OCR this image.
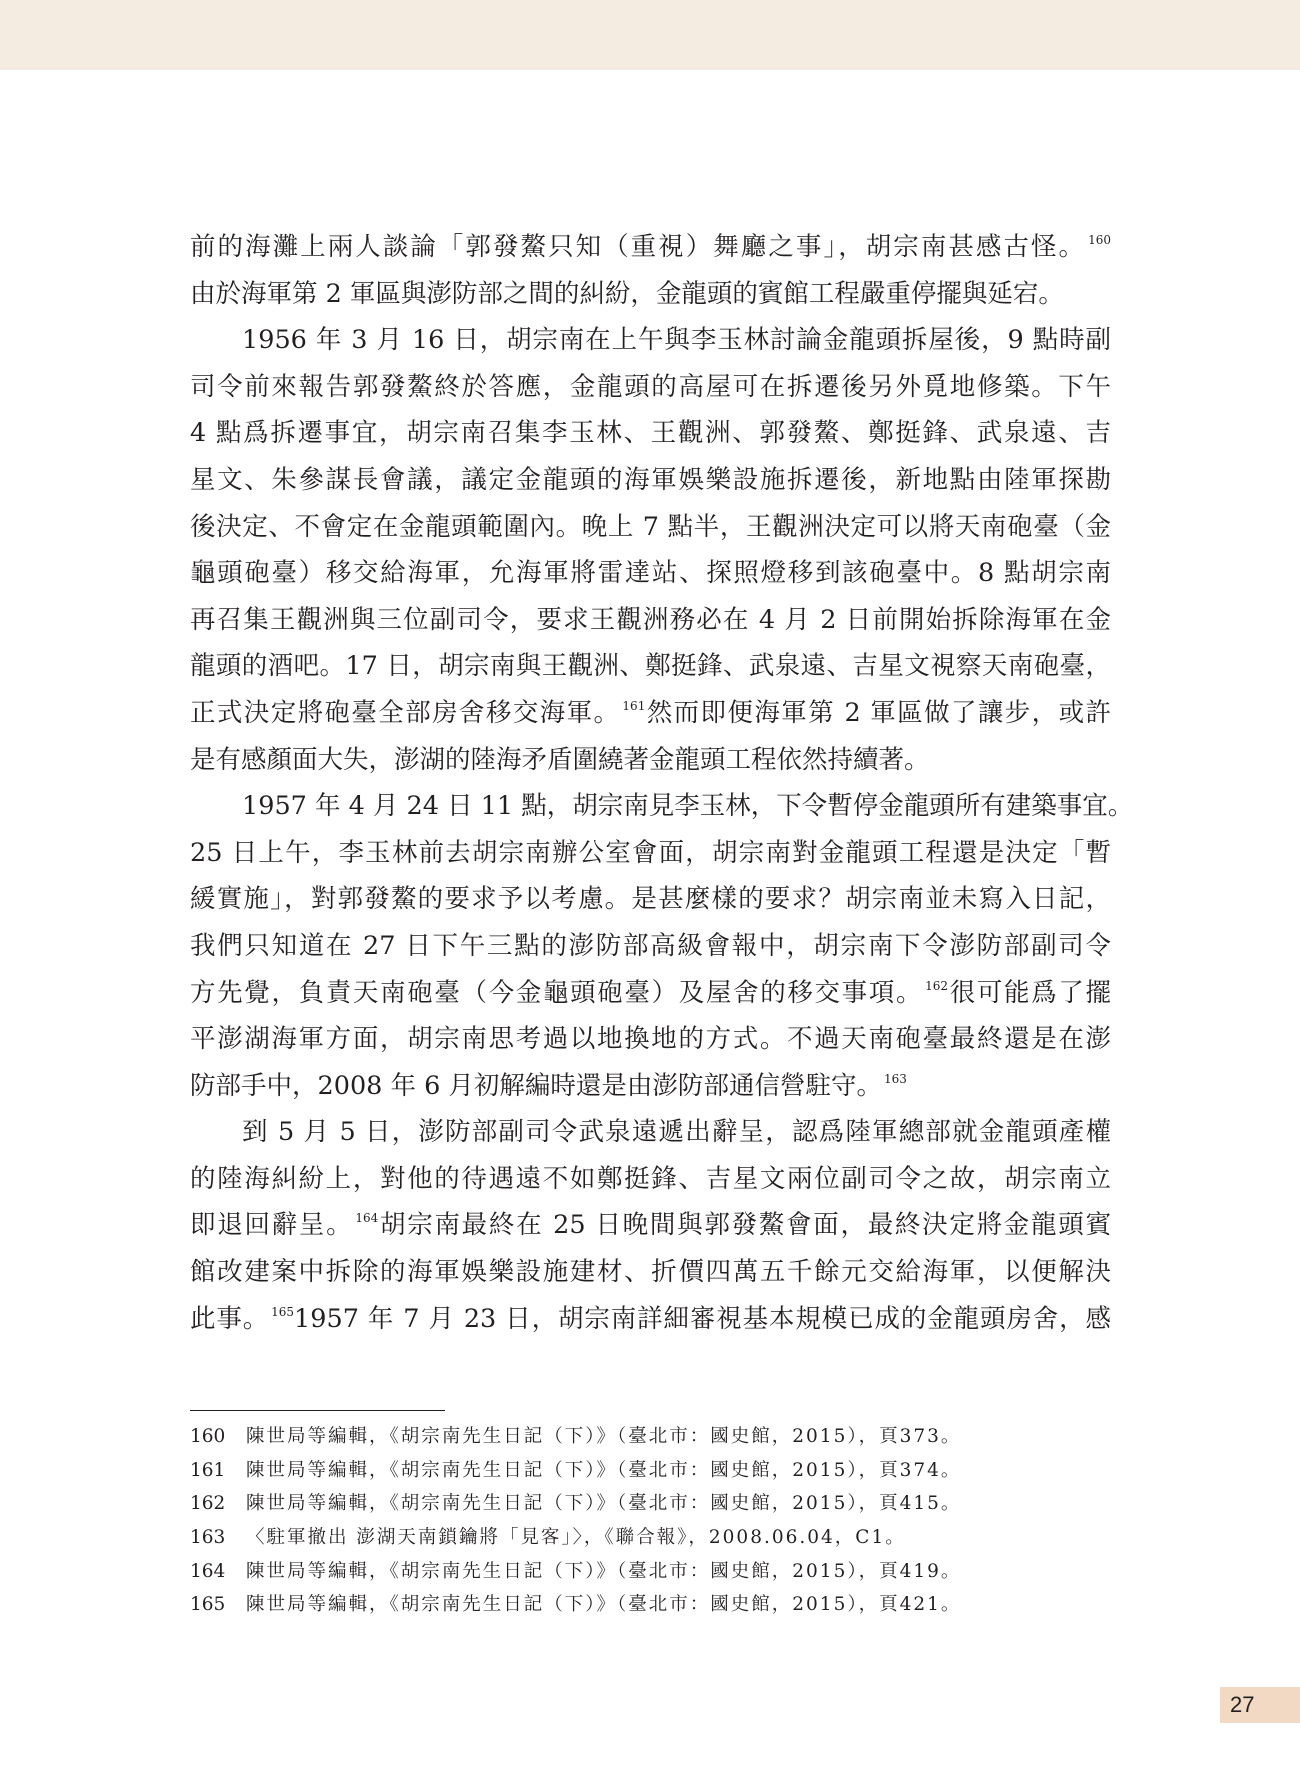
前的海灘上兩人談論「郭發鰲只知（重視）舞廳之事」，胡宗南甚感古怪。 $^{160}$
由於海軍第 2 軍區與澎防部之間的糾紛，金龍頭的賓館工程嚴重停擺與延宕。
1956 年 3 月 16 日，胡宗南在上午與李玉林討論金龍頭拆屋後，9 點時副
司令前來報告郭發鰲終於答應，金龍頭的高屋可在拆遷後另外覓地修築。下午
4 點爲拆遷事宜，胡宗南召集李玉林、王觀洲、郭發鰲、鄭挺鋒、武泉遠、吉
星文、朱參謀長會議，議定金龍頭的海軍娛樂設施拆遷後，新地點由陸軍探勘
後決定、不會定在金龍頭範圍內。晚上 7 點半，王觀洲決定可以將天南砲臺（金
龜頭砲臺）移交給海軍，允海軍將雷達站、探照燈移到該砲臺中。8 點胡宗南
再召集王觀洲與三位副司令，要求王觀洲務必在 4 月 2 日前開始拆除海軍在金
龍頭的酒吧。17 日，胡宗南與王觀洲、鄭挺鋒、武泉遠、吉星文視察天南砲臺，
正式決定將砲臺全部房舍移交海軍。 $^{161}$然而即便海軍第 2 軍區做了讓步，或許
是有感顏面大失，澎湖的陸海矛盾圍繞著金龍頭工程依然持續著。
1957 年 4 月 24 日 11 點，胡宗南見李玉林，下令暫停金龍頭所有建築事宜。
25 日上午，李玉林前去胡宗南辦公室會面，胡宗南對金龍頭工程還是決定「暫
緩實施」，對郭發鰲的要求予以考慮。是甚麼樣的要求？胡宗南並未寫入日記，
我們只知道在 27 日下午三點的澎防部高級會報中，胡宗南下令澎防部副司令
方先覺，負責天南砲臺（今金龜頭砲臺）及屋舍的移交事項。 $^{162}$很可能爲了擺
平澎湖海軍方面，胡宗南思考過以地換地的方式。不過天南砲臺最終還是在澎
防部手中，2008 年 6 月初解編時還是由澎防部通信營駐守。 $^{163}$
到 5 月 5 日，澎防部副司令武泉遠遞出辭呈，認爲陸軍總部就金龍頭產權
的陸海糾紛上，對他的待遇遠不如鄭挺鋒、吉星文兩位副司令之故，胡宗南立
即退回辭呈。 $^{164}$胡宗南最終在 25 日晚間與郭發鰲會面，最終決定將金龍頭賓
館改建案中拆除的海軍娛樂設施建材、折價四萬五千餘元交給海軍，以便解決
此事。 $^{165}$1957 年 7 月 23 日，胡宗南詳細審視基本規模已成的金龍頭房舍，感
160 陳世局等編輯，《胡宗南先生日記（下）》（臺北市：國史館，2015），頁373。
161 陳世局等編輯，《胡宗南先生日記（下）》（臺北市：國史館，2015），頁374。
162 陳世局等編輯，《胡宗南先生日記（下）》（臺北市：國史館，2015），頁415。
163 〈駐軍撤出 澎湖天南鎖鑰將「見客」〉，《聯合報》，2008.06.04，C1。
164 陳世局等編輯，《胡宗南先生日記（下）》（臺北市：國史館，2015），頁419。
165 陳世局等編輯，《胡宗南先生日記（下）》（臺北市：國史館，2015），頁421。
27
